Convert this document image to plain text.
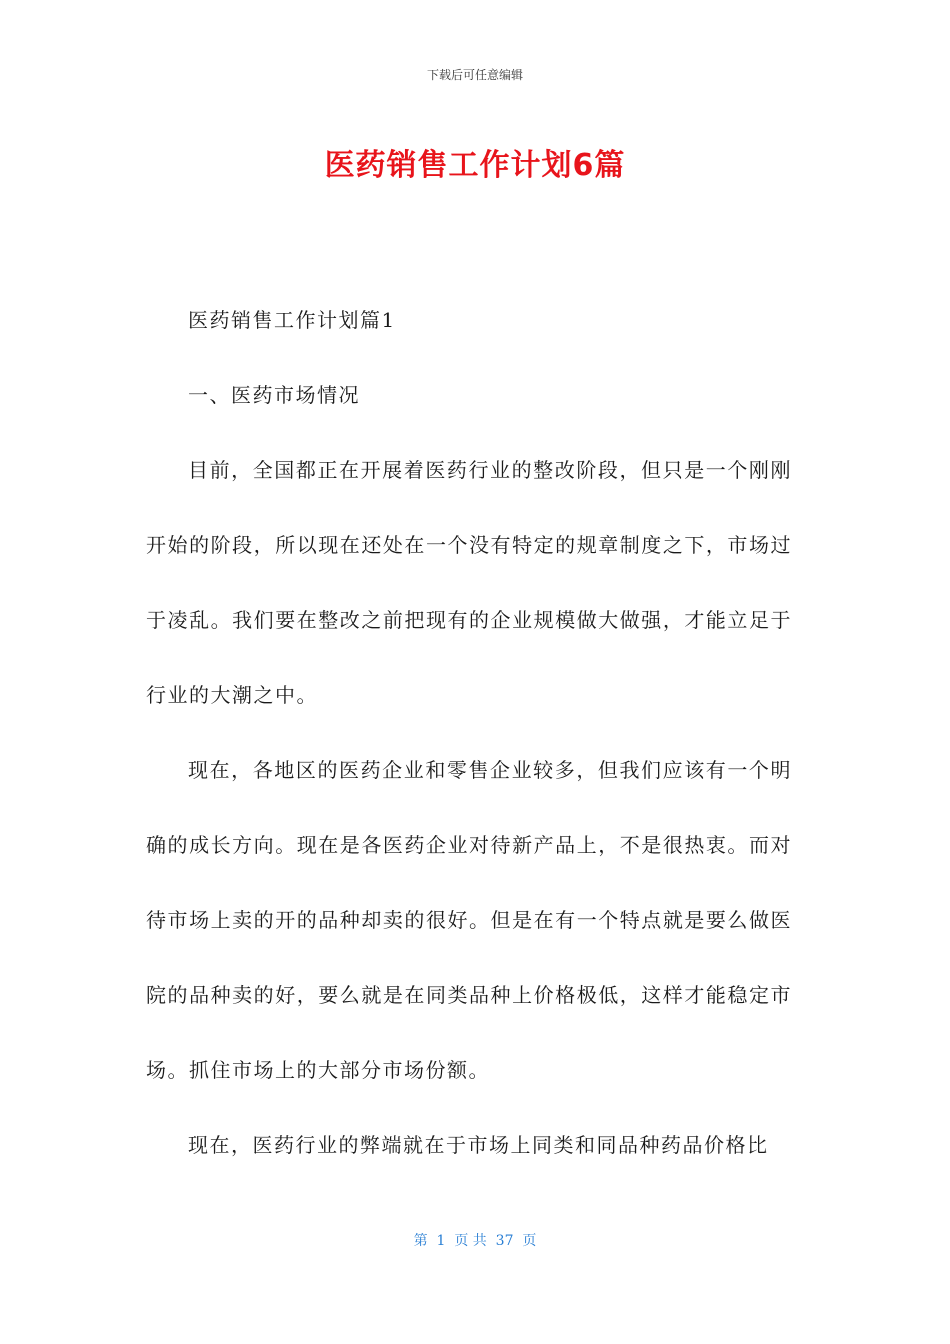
下载后可任意编辑
医药销售工作计划6篇

医药销售工作计划篇1

一、医药市场情况

目前，全国都正在开展着医药行业的整改阶段，但只是一个刚刚开始的阶段，所以现在还处在一个没有特定的规章制度之下，市场过于凌乱。我们要在整改之前把现有的企业规模做大做强，才能立足于行业的大潮之中。

现在，各地区的医药企业和零售企业较多，但我们应该有一个明确的成长方向。现在是各医药企业对待新产品上，不是很热衷。而对待市场上卖的开的品种却卖的很好。但是在有一个特点就是要么做医院的品种卖的好，要么就是在同类品种上价格极低，这样才能稳定市场。抓住市场上的大部分市场份额。

现在，医药行业的弊端就在于市场上同类和同品种药品价格比

第  1  页 共  37  页
